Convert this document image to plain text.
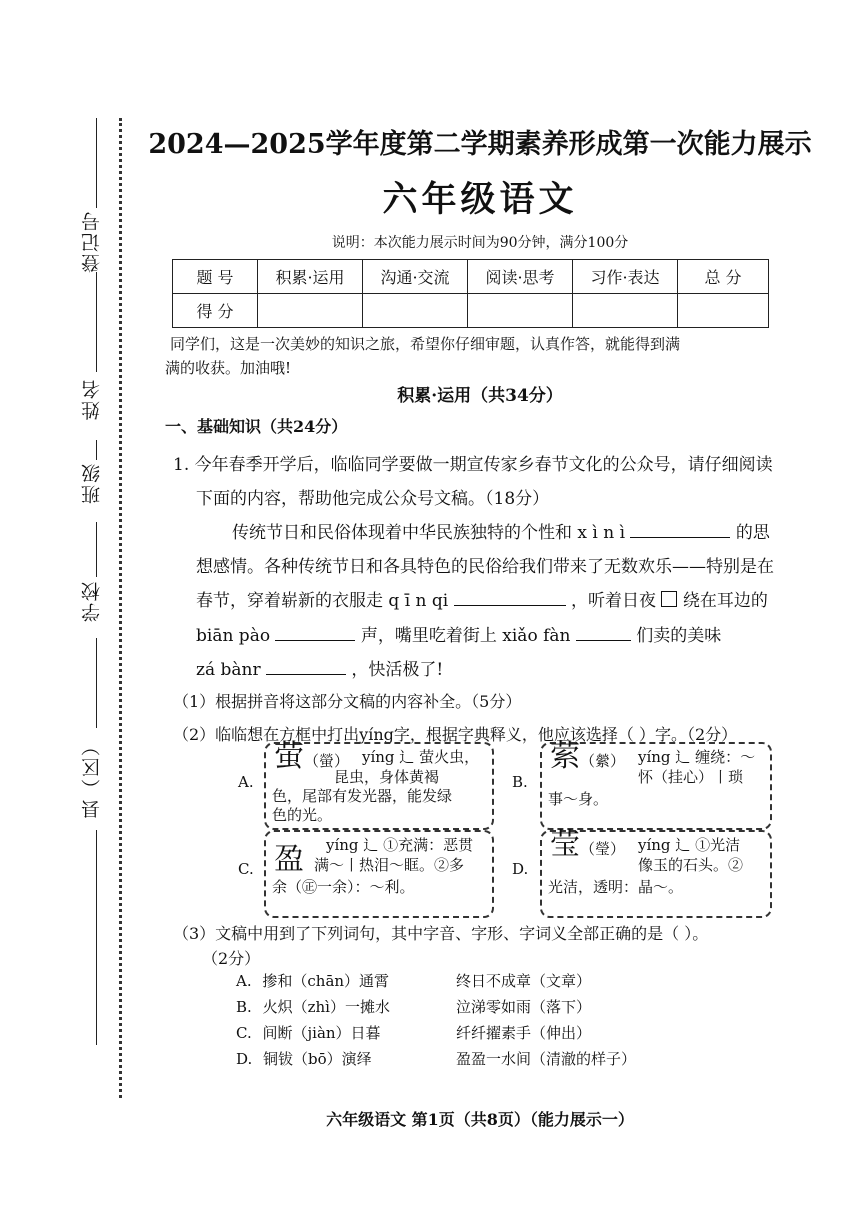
登记号
姓名
班级
学校
县（区）
2024—2025学年度第二学期素养形成第一次能力展示
六年级语文
说明：本次能力展示时间为90分钟，满分100分
题 号	积累·运用	沟通·交流	阅读·思考	习作·表达	总 分
得 分					
同学们，这是一次美妙的知识之旅，希望你仔细审题，认真作答，就能得到满
满的收获。加油哦!
积累·运用（共34分）
一、基础知识（共24分）
1. 今年春季开学后，临临同学要做一期宣传家乡春节文化的公众号，请仔细阅读
下面的内容，帮助他完成公众号文稿。（18分）
传统节日和民俗体现着中华民族独特的个性和 x ì n ì	的思
想感情。各种传统节日和各具特色的民俗给我们带来了无数欢乐——特别是在
春节，穿着崭新的衣服走 q ī n qi	，听着日夜 绕在耳边的
biān pào	声，嘴里吃着街上 xiǎo fàn	们卖的美味
zá bànr	，快活极了!
（1）根据拼音将这部分文稿的内容补全。（5分）
（2）临临想在方框中打出yíng字，根据字典释义，他应该选择（ ）字。（2分）
A.
萤（螢） yíng 辶 萤火虫，
昆虫，身体黄褐
色，尾部有发光器，能发绿
色的光。
B.
萦（縈） yíng 辶 缠绕：～
怀（挂心）丨琐
事～身。
C. 盈 yíng 辶 ①充满：恶贯
满～丨热泪～眶。②多
余（㊣一余）：～利。
D.
莹（瑩） yíng 辶 ①光洁
像玉的石头。②
光洁，透明：晶～。
（3）文稿中用到了下列词句，其中字音、字形、字词义全部正确的是（ ）。
（2分）
A. 掺和（chān）通霄	终日不成章（文章）
B. 火炽（zhì）一摊水	泣涕零如雨（落下）
C. 间断（jiàn）日暮	纤纤擢素手（伸出）
D. 铜钹（bō）演绎	盈盈一水间（清澈的样子）
六年级语文 第1页（共8页）（能力展示一）
